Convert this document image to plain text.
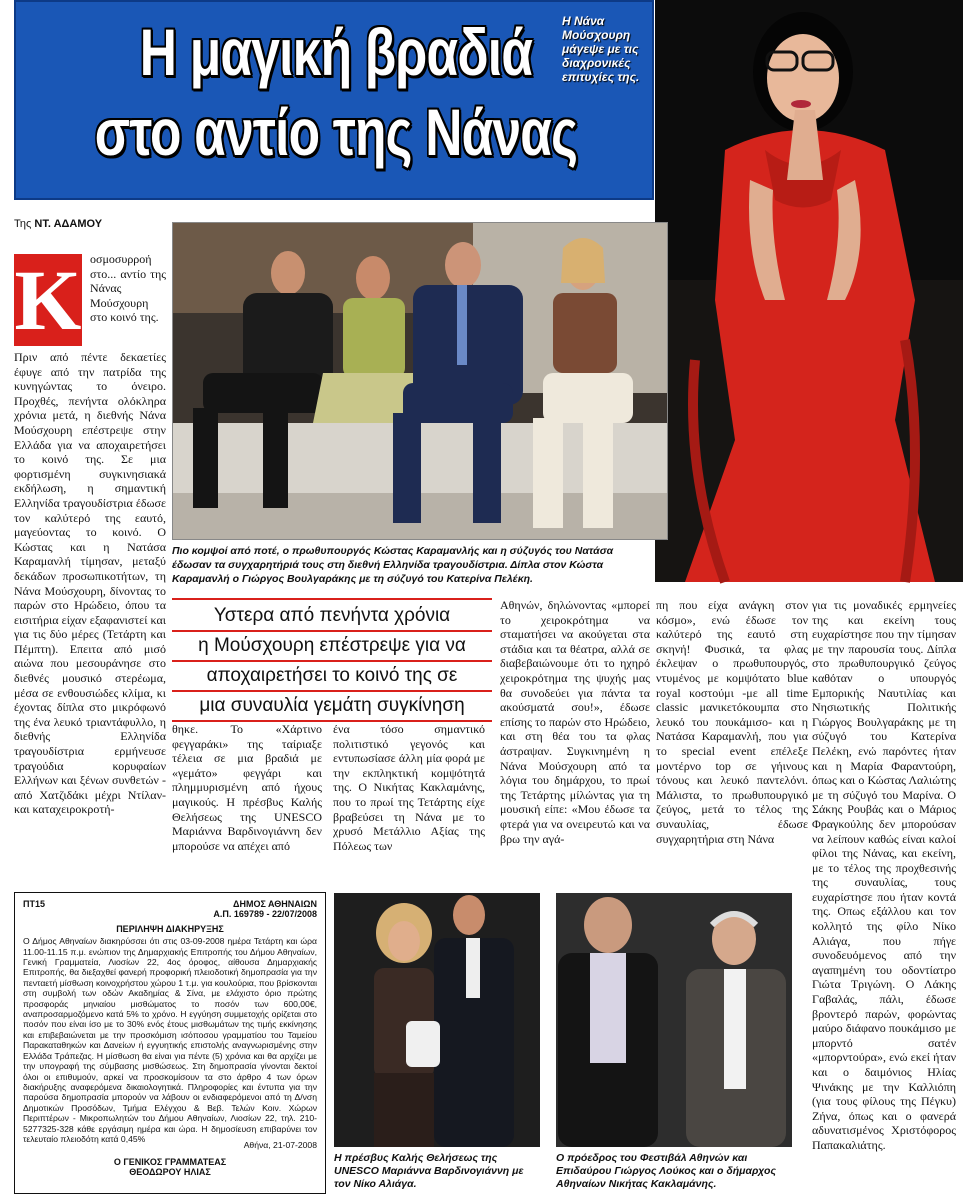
Η μαγική βραδιά
στο αντίο της Νάνας
Η Νάνα Μούσχουρη μάγεψε με τις διαχρονικές επιτυχίες της.
Της ΝΤ. ΑΔΑΜΟΥ
Πιο κομψοί από ποτέ, ο πρωθυπουργός Κώστας Καραμανλής και η σύζυγός του Νατάσα έδωσαν τα συγχαρητήριά τους στη διεθνή Ελληνίδα τραγουδίστρια. Δίπλα στον Κώστα Καραμανλή ο Γιώργος Βουλγαράκης με τη σύζυγό του Κατερίνα Πελέκη.
Κ οσμοσυρροή στο... αντίο της Νάνας Μούσχουρη στο κοινό της.
Πριν από πέντε δεκαετίες έφυγε από την πατρίδα της κυνηγώντας το όνειρο. Προχθές, πενήντα ολόκληρα χρόνια μετά, η διεθνής Νάνα Μούσχουρη επέστρεψε στην Ελλάδα για να αποχαιρετήσει το κοινό της. Σε μια φορτισμένη συγκινησιακά εκδήλωση, η σημαντική Ελληνίδα τραγουδίστρια έδωσε τον καλύτερό της εαυτό, μαγεύοντας το κοινό. Ο Κώστας και η Νατάσα Καραμανλή τίμησαν, μεταξύ δεκάδων προσωπικοτήτων, τη Νάνα Μούσχουρη, δίνοντας το παρών στο Ηρώδειο, όπου τα εισιτήρια είχαν εξαφανιστεί και για τις δύο μέρες (Τετάρτη και Πέμπτη). Επειτα από μισό αιώνα που μεσουράνησε στο διεθνές μουσικό στερέωμα, μέσα σε ενθουσιώδες κλίμα, κι έχοντας δίπλα στο μικρόφωνό της ένα λευκό τριαντάφυλλο, η διεθνής Ελληνίδα τραγουδίστρια ερμήνευσε τραγούδια κορυφαίων Ελλήνων και ξένων συνθετών - από Χατζιδάκι μέχρι Ντίλαν- και καταχειροκροτή-
Υστερα από πενήντα χρόνια
η Μούσχουρη επέστρεψε για να
αποχαιρετήσει το κοινό της σε
μια συναυλία γεμάτη συγκίνηση
θηκε. Το «Χάρτινο φεγγαράκι» της ταίριαξε τέλεια σε μια βραδιά με «γεμάτο» φεγγάρι και πλημμυρισμένη από ήχους μαγικούς. Η πρέσβυς Καλής Θελήσεως της UNESCO Μαριάννα Βαρδινογιάννη δεν μπορούσε να απέχει από
ένα τόσο σημαντικό πολιτιστικό γεγονός και εντυπωσίασε άλλη μία φορά με την εκπληκτική κομψότητά της. Ο Νικήτας Κακλαμάνης, που το πρωί της Τετάρτης είχε βραβεύσει τη Νάνα με το χρυσό Μετάλλιο Αξίας της Πόλεως των
Αθηνών, δηλώνοντας «μπορεί το χειροκρότημα να σταματήσει να ακούγεται στα στάδια και τα θέατρα, αλλά σε διαβεβαιώνουμε ότι το ηχηρό χειροκρότημα της ψυχής μας θα συνοδεύει για πάντα τα ακούσματά σου!», έδωσε επίσης το παρών στο Ηρώδειο, και στη θέα του τα φλας άστραψαν. Συγκινημένη η Νάνα Μούσχουρη από τα λόγια του δημάρχου, το πρωί της Τετάρτης μίλώντας για τη μουσική είπε: «Μου έδωσε τα φτερά για να ονειρευτώ και να βρω την αγά-
πη που είχα ανάγκη στον κόσμο», ενώ έδωσε τον καλύτερό της εαυτό στη σκηνή! Φυσικά, τα φλας έκλεψαν ο πρωθυπουργός, ντυμένος με κομψότατο blue royal κοστούμι -με all time classic μανικετόκουμπα στο λευκό του πουκάμισο- και η Νατάσα Καραμανλή, που για το special event επέλεξε μοντέρνο top σε γήινους τόνους και λευκό παντελόνι. Μάλιστα, το πρωθυπουργικό ζεύγος, μετά το τέλος της συναυλίας, έδωσε συγχαρητήρια στη Νάνα
για τις μοναδικές ερμηνείες της και εκείνη τους ευχαρίστησε που την τίμησαν με την παρουσία τους. Δίπλα στο πρωθυπουργικό ζεύγος καθόταν ο υπουργός Εμπορικής Ναυτιλίας και Νησιωτικής Πολιτικής Γιώργος Βουλγαράκης με τη σύζυγό του Κατερίνα Πελέκη, ενώ παρόντες ήταν και η Μαρία Φαραντούρη, όπως και ο Κώστας Λαλιώτης με τη σύζυγό του Μαρίνα. Ο Σάκης Ρουβάς και ο Μάριος Φραγκούλης δεν μπορούσαν να λείπουν καθώς είναι καλοί φίλοι της Νάνας, και εκείνη, με το τέλος της προχθεσινής της συναυλίας, τους ευχαρίστησε που ήταν κοντά της. Οπως εξάλλου και τον κολλητό της φίλο Νίκο Αλιάγα, που πήγε συνοδευόμενος από την αγαπημένη του οδοντίατρο Γιώτα Τριγώνη. Ο Λάκης Γαβαλάς, πάλι, έδωσε βροντερό παρών, φορώντας μαύρο διάφανο πουκάμισο με μπορντό σατέν «μπορντούρα», ενώ εκεί ήταν και ο δαιμόνιος Ηλίας Ψινάκης με την Καλλιόπη (για τους φίλους της Πέγκυ) Ζήνα, όπως και ο φανερά αδυνατισμένος Χριστόφορος Παπακαλιάτης.
ΠΤ15	ΔΗΜΟΣ ΑΘΗΝΑΙΩΝ
Α.Π. 169789 - 22/07/2008
ΠΕΡΙΛΗΨΗ ΔΙΑΚΗΡΥΞΗΣ
Ο Δήμος Αθηναίων διακηρύσσει ότι στις 03-09-2008 ημέρα Τετάρτη και ώρα 11.00-11.15 π.μ. ενώπιον της Δημαρχιακής Επιτροπής του Δήμου Αθηναίων, Γενική Γραμματεία, Λιοσίων 22, 4ος όροφος, αίθουσα Δημαρχιακής Επιτροπής, θα διεξαχθεί φανερή προφορική πλειοδοτική δημοπρασία για την πενταετή μίσθωση κοινοχρήστου χώρου 1 τ.μ. για κουλούρια, που βρίσκονται στη συμβολή των οδών Ακαδημίας & Σίνα, με ελάχιστο όριο πρώτης προσφοράς μηνιαίου μισθώματος το ποσόν των 600,00€, αναπροσαρμοζόμενο κατά 5% το χρόνο. Η εγγύηση συμμετοχής ορίζεται στο ποσόν που είναι ίσο με το 30% ενός έτους μισθωμάτων της τιμής εκκίνησης και επιβεβαιώνεται με την προσκόμιση ισόποσου γραμματίου του Ταμείου Παρακαταθηκών και Δανείων ή εγγυητικής επιστολής αναγνωρισμένης στην Ελλάδα Τράπεζας. Η μίσθωση θα είναι για πέντε (5) χρόνια και θα αρχίζει με την υπογραφή της σύμβασης μισθώσεως. Στη δημοπρασία γίνονται δεκτοί όλοι οι επιθυμούν, αρκεί να προσκομίσουν τα στο άρθρο 4 των όρων διακήρυξης αναφερόμενα δικαιολογητικά. Πληροφορίες και έντυπα για την παρούσα δημοπρασία μπορούν να λάβουν οι ενδιαφερόμενοι από τη Δ/νση Δημοτικών Προσόδων, Τμήμα Ελέγχου & Βεβ. Τελών Κοιν. Χώρων Περιπτέρων - Μικροπωλητών του Δήμου Αθηναίων, Λιοσίων 22, τηλ. 210-5277325-328 κάθε εργάσιμη ημέρα και ώρα. Η δημοσίευση επιβαρύνει τον τελευταίο πλειοδότη κατά 0,45%
Αθήνα, 21-07-2008
Ο ΓΕΝΙΚΟΣ ΓΡΑΜΜΑΤΕΑΣ
ΘΕΟΔΩΡΟΥ ΗΛΙΑΣ
Η πρέσβυς Καλής Θελήσεως της UNESCO Μαριάννα Βαρδινογιάννη με τον Νίκο Αλιάγα.
Ο πρόεδρος του Φεστιβάλ Αθηνών και Επιδαύρου Γιώργος Λούκος και ο δήμαρχος Αθηναίων Νικήτας Κακλαμάνης.
